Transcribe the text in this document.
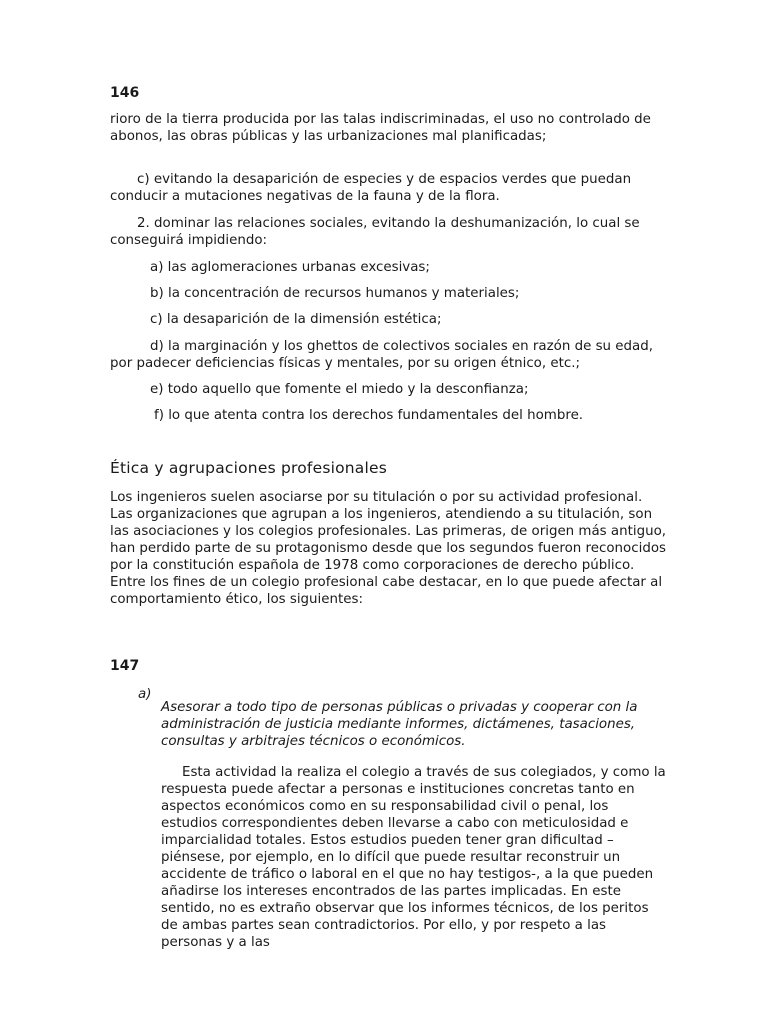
146

rioro de la tierra producida por las talas indiscriminadas, el uso no controlado de abonos, las obras públicas y las urbanizaciones mal planificadas;

c) evitando la desaparición de especies y de espacios verdes que puedan conducir a mutaciones negativas de la fauna y de la flora.

2. dominar las relaciones sociales, evitando la deshumanización, lo cual se conseguirá impidiendo:

a) las aglomeraciones urbanas excesivas;

b) la concentración de recursos humanos y materiales;

c) la desaparición de la dimensión estética;

d) la marginación y los ghettos de colectivos sociales en razón de su edad, por padecer deficiencias físicas y mentales, por su origen étnico, etc.;

e) todo aquello que fomente el miedo y la desconfianza;

f) lo que atenta contra los derechos fundamentales del hombre.

Ética y agrupaciones profesionales

Los ingenieros suelen asociarse por su titulación o por su actividad profesional. Las organizaciones que agrupan a los ingenieros, atendiendo a su titulación, son las asociaciones y los colegios profesionales. Las primeras, de origen más antiguo, han perdido parte de su protagonismo desde que los segundos fueron reconocidos por la constitución española de 1978 como corporaciones de derecho público. Entre los fines de un colegio profesional cabe destacar, en lo que puede afectar al comportamiento ético, los siguientes:

147
a)

Asesorar a todo tipo de personas públicas o privadas y cooperar con la administración de justicia mediante informes, dictámenes, tasaciones, consultas y arbitrajes técnicos o económicos.

Esta actividad la realiza el colegio a través de sus colegiados, y como la respuesta puede afectar a personas e instituciones concretas tanto en aspectos económicos como en su responsabilidad civil o penal, los estudios correspondientes deben llevarse a cabo con meticulosidad e imparcialidad totales. Estos estudios pueden tener gran dificultad –piénsese, por ejemplo, en lo difícil que puede resultar reconstruir un accidente de tráfico o laboral en el que no hay testigos-, a la que pueden añadirse los intereses encontrados de las partes implicadas. En este sentido, no es extraño observar que los informes técnicos, de los peritos de ambas partes sean contradictorios. Por ello, y por respeto a las personas y a las
